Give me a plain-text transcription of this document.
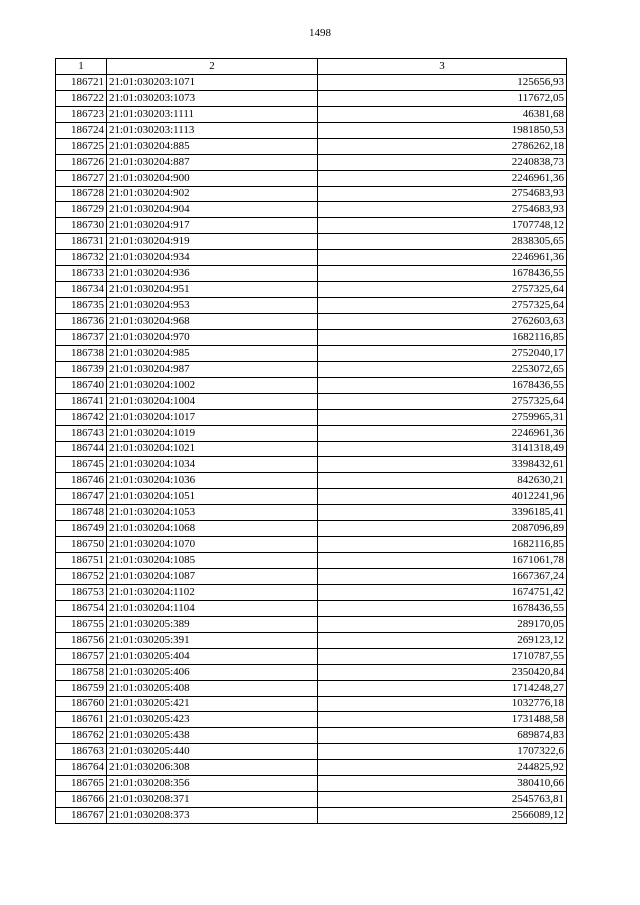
1498
1	2	3
186721	21:01:030203:1071	125656,93
186722	21:01:030203:1073	117672,05
186723	21:01:030203:1111	46381,68
186724	21:01:030203:1113	1981850,53
186725	21:01:030204:885	2786262,18
186726	21:01:030204:887	2240838,73
186727	21:01:030204:900	2246961,36
186728	21:01:030204:902	2754683,93
186729	21:01:030204:904	2754683,93
186730	21:01:030204:917	1707748,12
186731	21:01:030204:919	2838305,65
186732	21:01:030204:934	2246961,36
186733	21:01:030204:936	1678436,55
186734	21:01:030204:951	2757325,64
186735	21:01:030204:953	2757325,64
186736	21:01:030204:968	2762603,63
186737	21:01:030204:970	1682116,85
186738	21:01:030204:985	2752040,17
186739	21:01:030204:987	2253072,65
186740	21:01:030204:1002	1678436,55
186741	21:01:030204:1004	2757325,64
186742	21:01:030204:1017	2759965,31
186743	21:01:030204:1019	2246961,36
186744	21:01:030204:1021	3141318,49
186745	21:01:030204:1034	3398432,61
186746	21:01:030204:1036	842630,21
186747	21:01:030204:1051	4012241,96
186748	21:01:030204:1053	3396185,41
186749	21:01:030204:1068	2087096,89
186750	21:01:030204:1070	1682116,85
186751	21:01:030204:1085	1671061,78
186752	21:01:030204:1087	1667367,24
186753	21:01:030204:1102	1674751,42
186754	21:01:030204:1104	1678436,55
186755	21:01:030205:389	289170,05
186756	21:01:030205:391	269123,12
186757	21:01:030205:404	1710787,55
186758	21:01:030205:406	2350420,84
186759	21:01:030205:408	1714248,27
186760	21:01:030205:421	1032776,18
186761	21:01:030205:423	1731488,58
186762	21:01:030205:438	689874,83
186763	21:01:030205:440	1707322,6
186764	21:01:030206:308	244825,92
186765	21:01:030208:356	380410,66
186766	21:01:030208:371	2545763,81
186767	21:01:030208:373	2566089,12
